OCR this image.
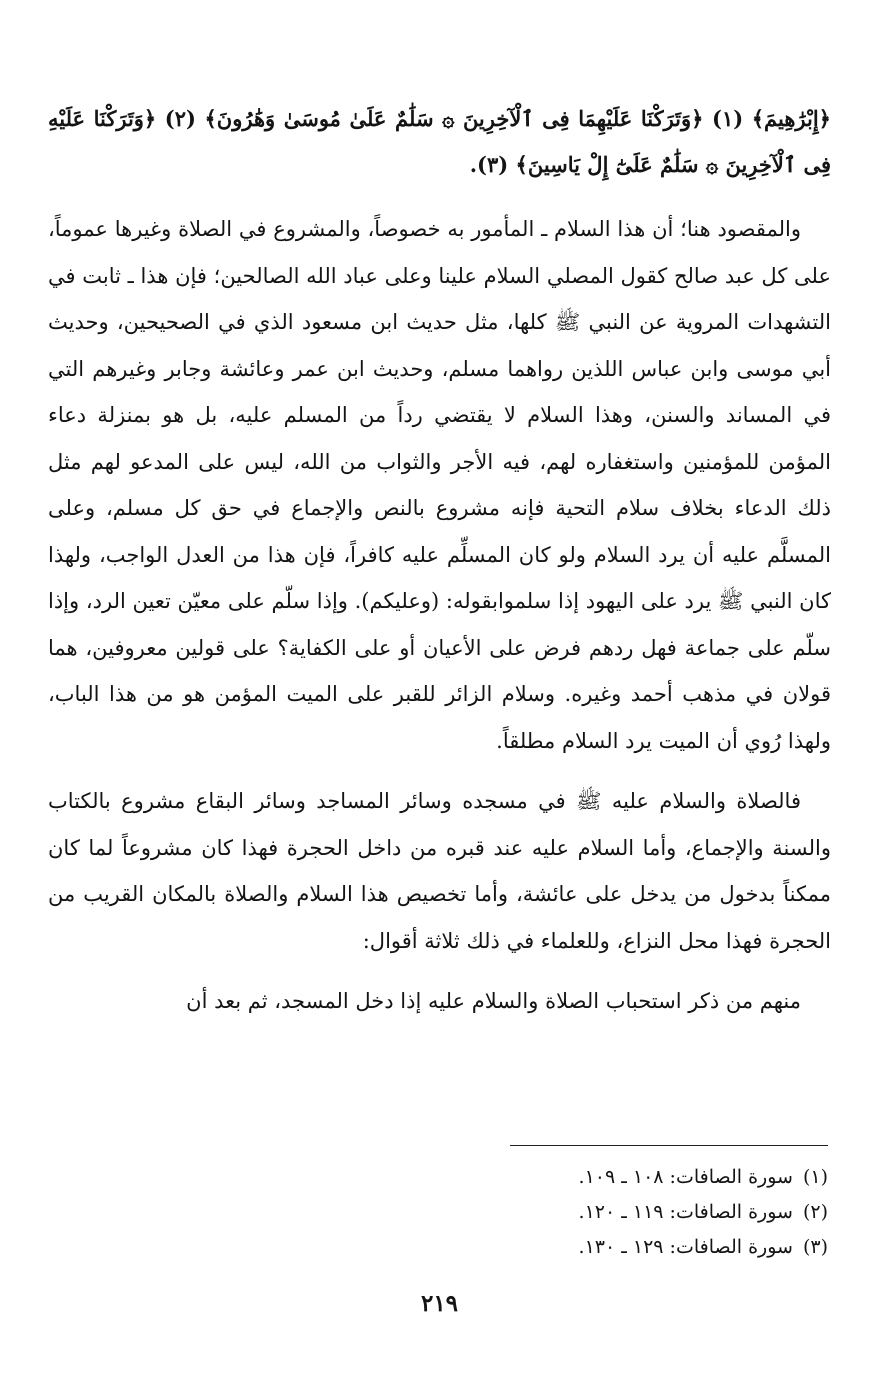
﴿إِبْرَٰهِيمَ﴾ (١) ﴿وَتَرَكْنَا عَلَيْهِمَا فِى ٱلْآخِرِينَ ۞ سَلَٰمٌ عَلَىٰ مُوسَىٰ وَهَٰرُونَ﴾ (٢) ﴿وَتَرَكْنَا عَلَيْهِ فِى ٱلْآخِرِينَ ۞ سَلَٰمٌ عَلَىٰٓ إِلْ يَاسِينَ﴾ (٣).

والمقصود هنا؛ أن هذا السلام ـ المأمور به خصوصاً، والمشروع في الصلاة وغيرها عموماً، على كل عبد صالح كقول المصلي السلام علينا وعلى عباد الله الصالحين؛ فإن هذا ـ ثابت في التشهدات المروية عن النبي ﷺ كلها، مثل حديث ابن مسعود الذي في الصحيحين، وحديث أبي موسى وابن عباس اللذين رواهما مسلم، وحديث ابن عمر وعائشة وجابر وغيرهم التي في المساند والسنن، وهذا السلام لا يقتضي رداً من المسلم عليه، بل هو بمنزلة دعاء المؤمن للمؤمنين واستغفاره لهم، فيه الأجر والثواب من الله، ليس على المدعو لهم مثل ذلك الدعاء بخلاف سلام التحية فإنه مشروع بالنص والإجماع في حق كل مسلم، وعلى المسلَّم عليه أن يرد السلام ولو كان المسلِّم عليه كافراً، فإن هذا من العدل الواجب، ولهذا كان النبي ﷺ يرد على اليهود إذا سلموابقوله: (وعليكم). وإذا سلّم على معيّن تعين الرد، وإذا سلّم على جماعة فهل ردهم فرض على الأعيان أو على الكفاية؟ على قولين معروفين، هما قولان في مذهب أحمد وغيره. وسلام الزائر للقبر على الميت المؤمن هو من هذا الباب، ولهذا رُوي أن الميت يرد السلام مطلقاً.

فالصلاة والسلام عليه ﷺ في مسجده وسائر المساجد وسائر البقاع مشروع بالكتاب والسنة والإجماع، وأما السلام عليه عند قبره من داخل الحجرة فهذا كان مشروعاً لما كان ممكناً بدخول من يدخل على عائشة، وأما تخصيص هذا السلام والصلاة بالمكان القريب من الحجرة فهذا محل النزاع، وللعلماء في ذلك ثلاثة أقوال:

منهم من ذكر استحباب الصلاة والسلام عليه إذا دخل المسجد، ثم بعد أن

(١)سورة الصافات: ١٠٨ ـ ١٠٩.
(٢)سورة الصافات: ١١٩ ـ ١٢٠.
(٣)سورة الصافات: ١٢٩ ـ ١٣٠.
٢١٩
